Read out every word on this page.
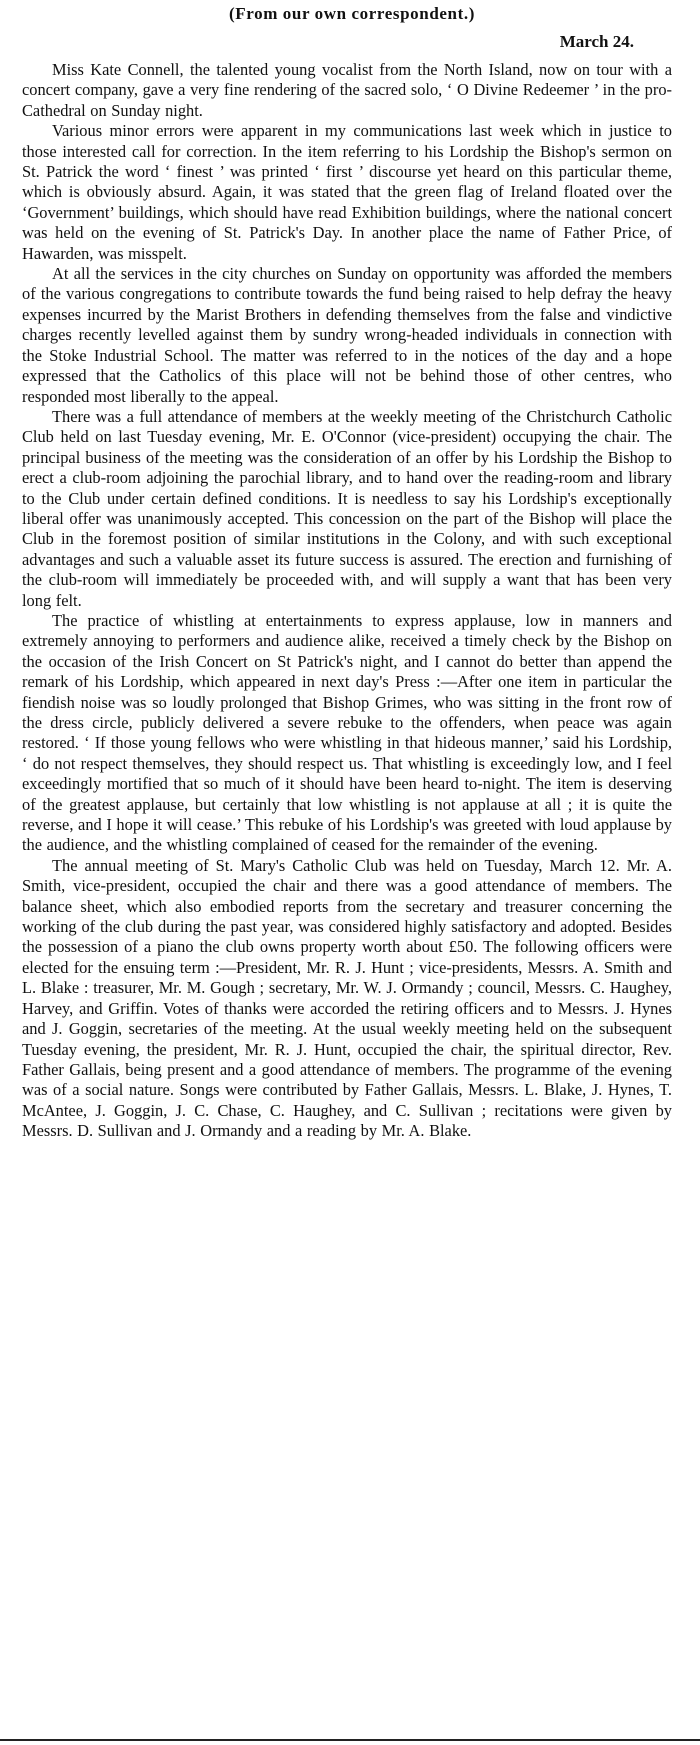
(From our own correspondent.)
March 24.

Miss Kate Connell, the talented young vocalist from the North Island, now on tour with a concert company, gave a very fine rendering of the sacred solo, ‘ O Divine Redeemer ’ in the pro-Cathedral on Sunday night.

Various minor errors were apparent in my communications last week which in justice to those interested call for correction. In the item referring to his Lordship the Bishop's sermon on St. Patrick the word ‘ finest ’ was printed ‘ first ’ discourse yet heard on this particular theme, which is obviously absurd. Again, it was stated that the green flag of Ireland floated over the ‘Government’ buildings, which should have read Exhibition buildings, where the national concert was held on the evening of St. Patrick's Day. In another place the name of Father Price, of Hawarden, was misspelt.

At all the services in the city churches on Sunday on opportunity was afforded the members of the various congregations to contribute towards the fund being raised to help defray the heavy expenses incurred by the Marist Brothers in defending themselves from the false and vindictive charges recently levelled against them by sundry wrong-headed individuals in connection with the Stoke Industrial School. The matter was referred to in the notices of the day and a hope expressed that the Catholics of this place will not be behind those of other centres, who responded most liberally to the appeal.

There was a full attendance of members at the weekly meeting of the Christchurch Catholic Club held on last Tuesday evening, Mr. E. O'Connor (vice-president) occupying the chair. The principal business of the meeting was the consideration of an offer by his Lordship the Bishop to erect a club-room adjoining the parochial library, and to hand over the reading-room and library to the Club under certain defined conditions. It is needless to say his Lordship's exceptionally liberal offer was unanimously accepted. This concession on the part of the Bishop will place the Club in the foremost position of similar institutions in the Colony, and with such exceptional advantages and such a valuable asset its future success is assured. The erection and furnishing of the club-room will immediately be proceeded with, and will supply a want that has been very long felt.

The practice of whistling at entertainments to express applause, low in manners and extremely annoying to performers and audience alike, received a timely check by the Bishop on the occasion of the Irish Concert on St Patrick's night, and I cannot do better than append the remark of his Lordship, which appeared in next day's Press :—After one item in particular the fiendish noise was so loudly prolonged that Bishop Grimes, who was sitting in the front row of the dress circle, publicly delivered a severe rebuke to the offenders, when peace was again restored. ‘ If those young fellows who were whistling in that hideous manner,’ said his Lordship, ‘ do not respect themselves, they should respect us. That whistling is exceedingly low, and I feel exceedingly mortified that so much of it should have been heard to-night. The item is deserving of the greatest applause, but certainly that low whistling is not applause at all ; it is quite the reverse, and I hope it will cease.’ This rebuke of his Lordship's was greeted with loud applause by the audience, and the whistling complained of ceased for the remainder of the evening.

The annual meeting of St. Mary's Catholic Club was held on Tuesday, March 12. Mr. A. Smith, vice-president, occupied the chair and there was a good attendance of members. The balance sheet, which also embodied reports from the secretary and treasurer concerning the working of the club during the past year, was considered highly satisfactory and adopted. Besides the possession of a piano the club owns property worth about £50. The following officers were elected for the ensuing term :—President, Mr. R. J. Hunt ; vice-presidents, Messrs. A. Smith and L. Blake : treasurer, Mr. M. Gough ; secretary, Mr. W. J. Ormandy ; council, Messrs. C. Haughey, Harvey, and Griffin. Votes of thanks were accorded the retiring officers and to Messrs. J. Hynes and J. Goggin, secretaries of the meeting. At the usual weekly meeting held on the subsequent Tuesday evening, the president, Mr. R. J. Hunt, occupied the chair, the spiritual director, Rev. Father Gallais, being present and a good attendance of members. The programme of the evening was of a social nature. Songs were contributed by Father Gallais, Messrs. L. Blake, J. Hynes, T. McAntee, J. Goggin, J. C. Chase, C. Haughey, and C. Sullivan ; recitations were given by Messrs. D. Sullivan and J. Ormandy and a reading by Mr. A. Blake.
